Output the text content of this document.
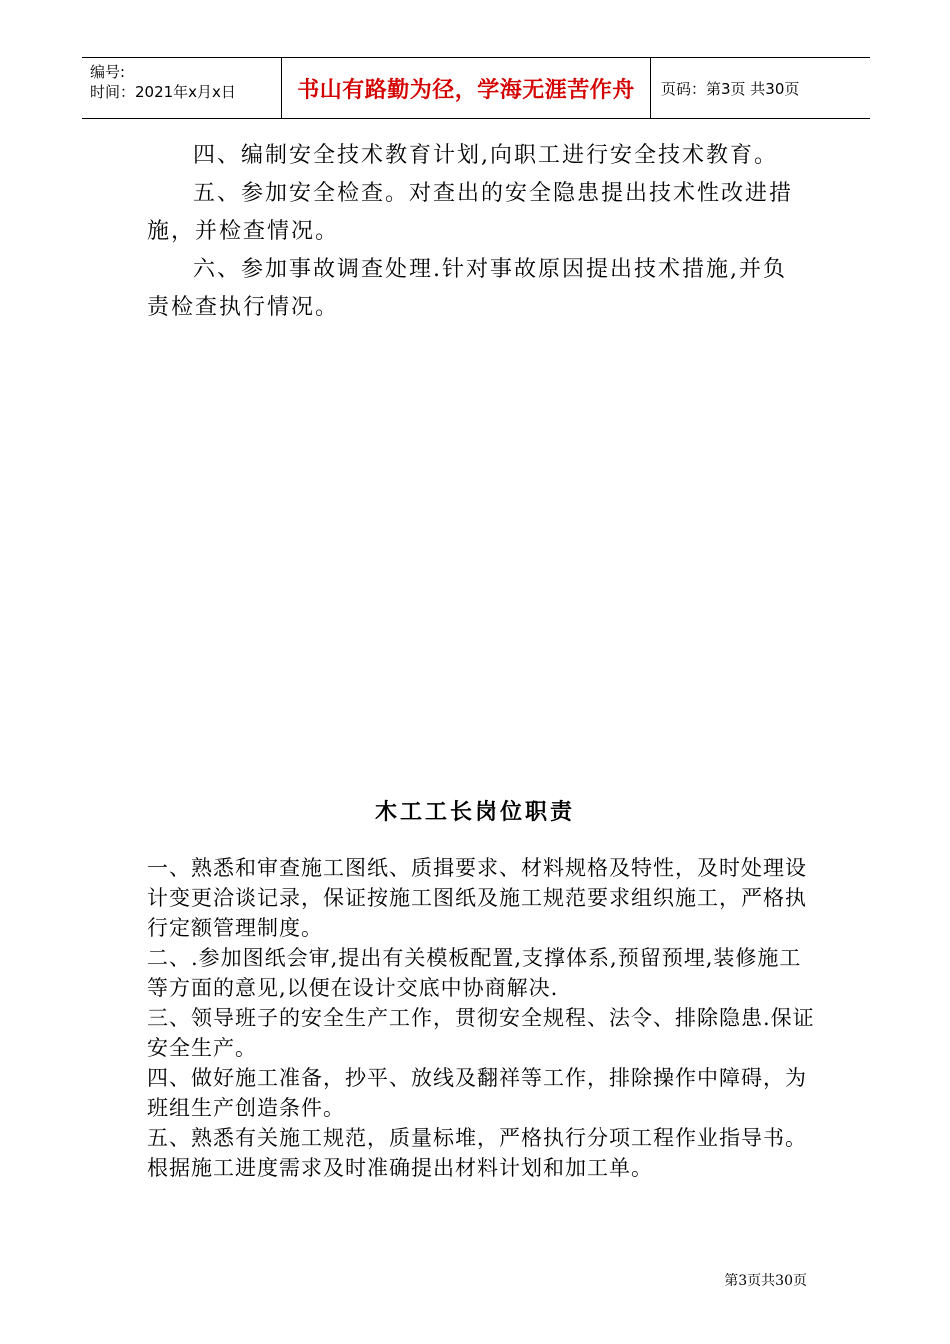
编号:
时间：2021年x月x日	书山有路勤为径，学海无涯苦作舟	页码：第3页 共30页

四、编制安全技术教育计划,向职工进行安全技术教育。

五、参加安全检查。对查出的安全隐患提出技术性改进措施，并检查情况。

六、参加事故调查处理.针对事故原因提出技术措施,并负责检查执行情况。

木工工长岗位职责
一、熟悉和审查施工图纸、质揖要求、材料规格及特性，及时处理设计变更洽谈记录，保证按施工图纸及施工规范要求组织施工，严格执行定额管理制度。
二、.参加图纸会审,提出有关模板配置,支撑体系,预留预埋,装修施工等方面的意见,以便在设计交底中协商解决.
三、领导班子的安全生产工作，贯彻安全规程、法令、排除隐患.保证安全生产。
四、做好施工准备，抄平、放线及翻祥等工作，排除操作中障碍，为班组生产创造条件。
五、熟悉有关施工规范，质量标堆，严格执行分项工程作业指导书。根据施工进度需求及时准确提出材料计划和加工单。
第3页共30页
